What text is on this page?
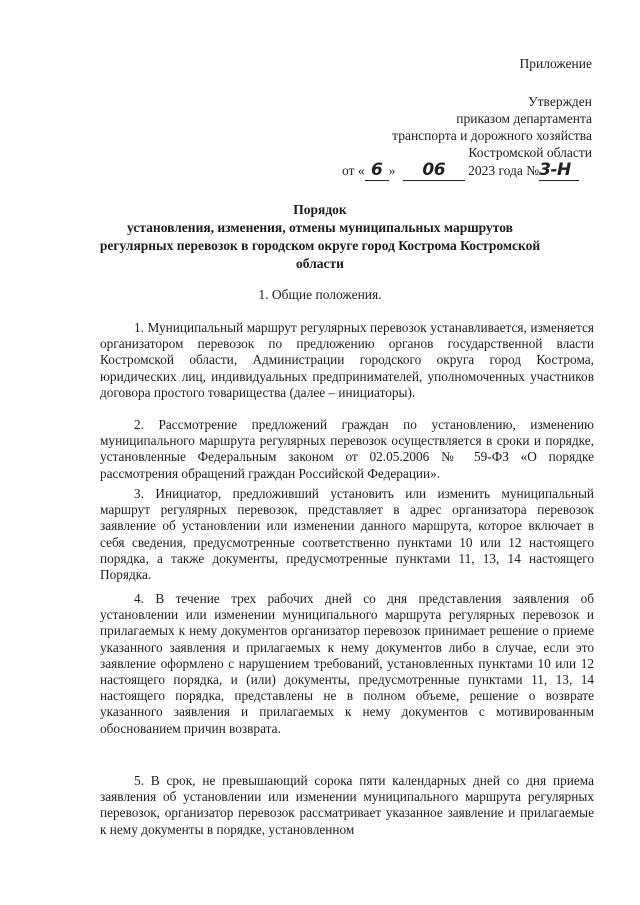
Приложение
Утвержден
приказом департамента
транспорта и дорожного хозяйства
Костромской области
от « 6 » 06 2023 года №3-Н
Порядок
установления, изменения, отмены муниципальных маршрутов
регулярных перевозок в городском округе город Кострома Костромской
области
1. Общие положения.
1. Муниципальный маршрут регулярных перевозок устанавливается, изменяется организатором перевозок по предложению органов государственной власти Костромской области, Администрации городского округа город Кострома, юридических лиц, индивидуальных предпринимателей, уполномоченных участников договора простого товарищества (далее – инициаторы).
2. Рассмотрение предложений граждан по установлению, изменению муниципального маршрута регулярных перевозок осуществляется в сроки и порядке, установленные Федеральным законом от 02.05.2006 № 59-ФЗ «О порядке рассмотрения обращений граждан Российской Федерации».
3. Инициатор, предложивший установить или изменить муниципальный маршрут регулярных перевозок, представляет в адрес организатора перевозок заявление об установлении или изменении данного маршрута, которое включает в себя сведения, предусмотренные соответственно пунктами 10 или 12 настоящего порядка, а также документы, предусмотренные пунктами 11, 13, 14 настоящего Порядка.
4. В течение трех рабочих дней со дня представления заявления об установлении или изменении муниципального маршрута регулярных перевозок и прилагаемых к нему документов организатор перевозок принимает решение о приеме указанного заявления и прилагаемых к нему документов либо в случае, если это заявление оформлено с нарушением требований, установленных пунктами 10 или 12 настоящего порядка, и (или) документы, предусмотренные пунктами 11, 13, 14 настоящего порядка, представлены не в полном объеме, решение о возврате указанного заявления и прилагаемых к нему документов с мотивированным обоснованием причин возврата.
5. В срок, не превышающий сорока пяти календарных дней со дня приема заявления об установлении или изменении муниципального маршрута регулярных перевозок, организатор перевозок рассматривает указанное заявление и прилагаемые к нему документы в порядке, установленном
